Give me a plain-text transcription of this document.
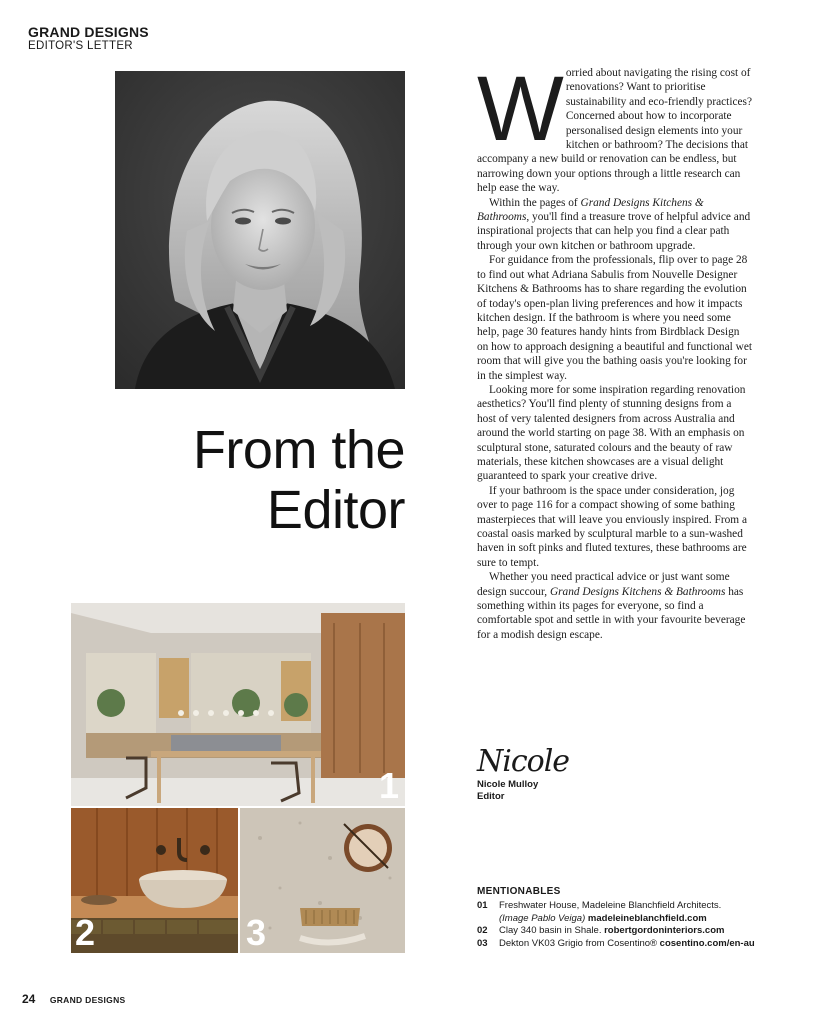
GRAND DESIGNS
EDITOR'S LETTER
From the
Editor

Worried about navigating the rising cost of renovations? Want to prioritise sustainability and eco-friendly practices? Concerned about how to incorporate personalised design elements into your kitchen or bathroom? The decisions that accompany a new build or renovation can be endless, but narrowing down your options through a little research can help ease the way.

Within the pages of Grand Designs Kitchens & Bathrooms, you'll find a treasure trove of helpful advice and inspirational projects that can help you find a clear path through your own kitchen or bathroom upgrade.

For guidance from the professionals, flip over to page 28 to find out what Adriana Sabulis from Nouvelle Designer Kitchens & Bathrooms has to share regarding the evolution of today's open-plan living preferences and how it impacts kitchen design. If the bathroom is where you need some help, page 30 features handy hints from Birdblack Design on how to approach designing a beautiful and functional wet room that will give you the bathing oasis you're looking for in the simplest way.

Looking more for some inspiration regarding renovation aesthetics? You'll find plenty of stunning designs from a host of very talented designers from across Australia and around the world starting on page 38. With an emphasis on sculptural stone, saturated colours and the beauty of raw materials, these kitchen showcases are a visual delight guaranteed to spark your creative drive.

If your bathroom is the space under consideration, jog over to page 116 for a compact showing of some bathing masterpieces that will leave you enviously inspired. From a coastal oasis marked by sculptural marble to a sun-washed haven in soft pinks and fluted textures, these bathrooms are sure to tempt.

Whether you need practical advice or just want some design succour, Grand Designs Kitchens & Bathrooms has something within its pages for everyone, so find a comfortable spot and settle in with your favourite beverage for a modish design escape.

Nicole
Nicole Mulloy
Editor
1
2	3
MENTIONABLES
01	Freshwater House, Madeleine Blanchfield Architects.
(Image Pablo Veiga) madeleineblanchfield.com
02	Clay 340 basin in Shale. robertgordoninteriors.com
03	Dekton VK03 Grigio from Cosentino® cosentino.com/en-au
24 GRAND DESIGNS
